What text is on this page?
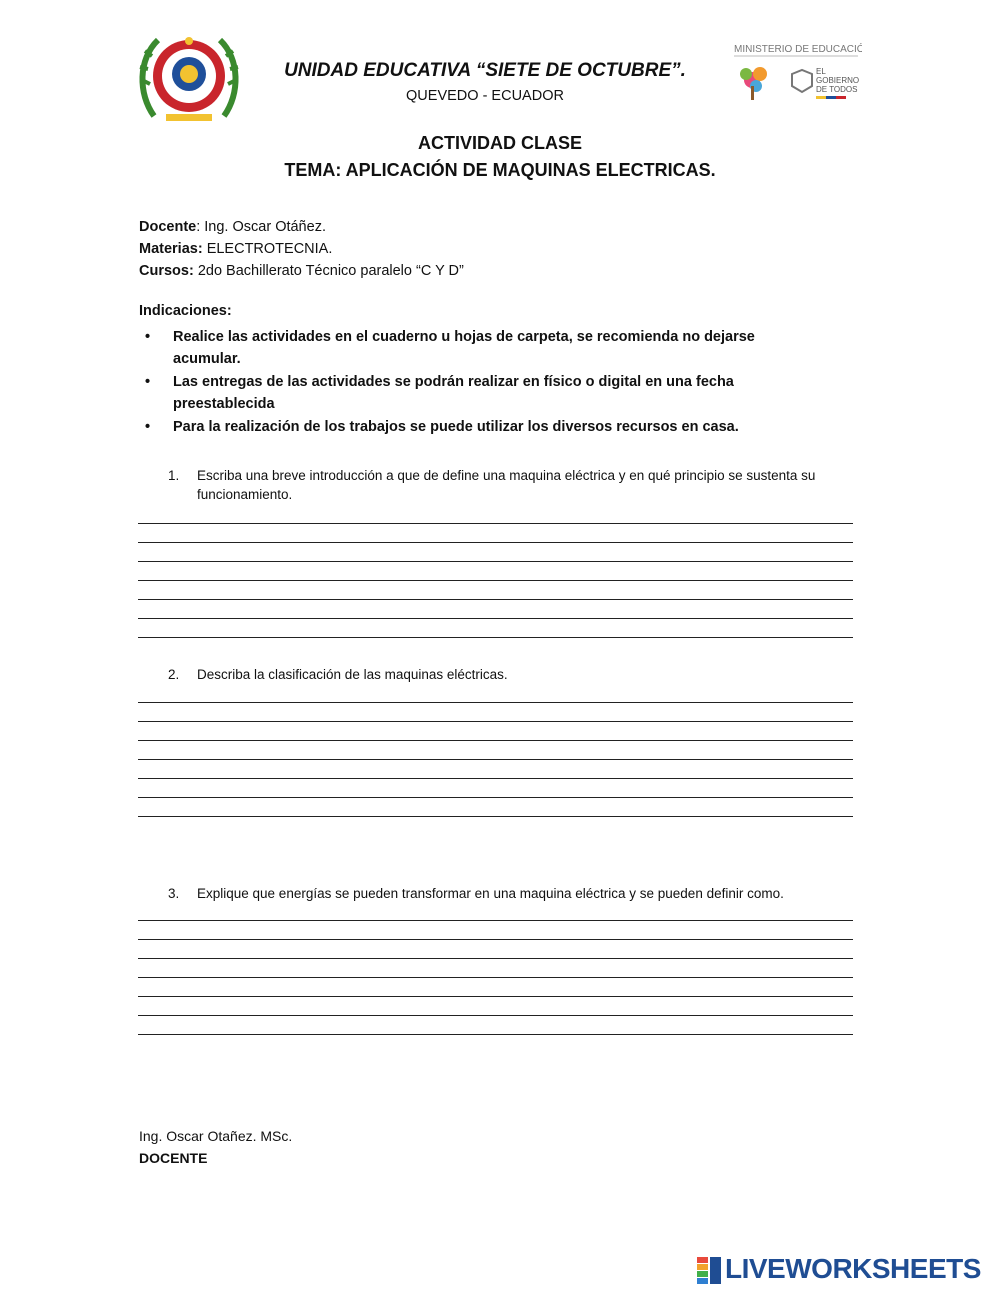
UNIDAD EDUCATIVA “SIETE DE OCTUBRE”.
QUEVEDO - ECUADOR
MINISTERIO DE EDUCACIÓN
EL
GOBIERNO
DE TODOS
ACTIVIDAD CLASE
TEMA: APLICACIÓN DE MAQUINAS ELECTRICAS.
Docente: Ing. Oscar Otáñez.
Materias: ELECTROTECNIA.
Cursos: 2do Bachillerato Técnico paralelo “C Y D”
Indicaciones:
• Realice las actividades en el cuaderno u hojas de carpeta, se recomienda no dejarse acumular.
• Las entregas de las actividades se podrán realizar en físico o digital en una fecha preestablecida
• Para la realización de los trabajos se puede utilizar los diversos recursos en casa.
1.	Escriba una breve introducción a que de define una maquina eléctrica y en qué principio se sustenta su funcionamiento.
2.	Describa la clasificación de las maquinas eléctricas.
3.	Explique que energías se pueden transformar en una maquina eléctrica y se pueden definir como.
Ing. Oscar Otañez. MSc.
DOCENTE
LIVEWORKSHEETS
